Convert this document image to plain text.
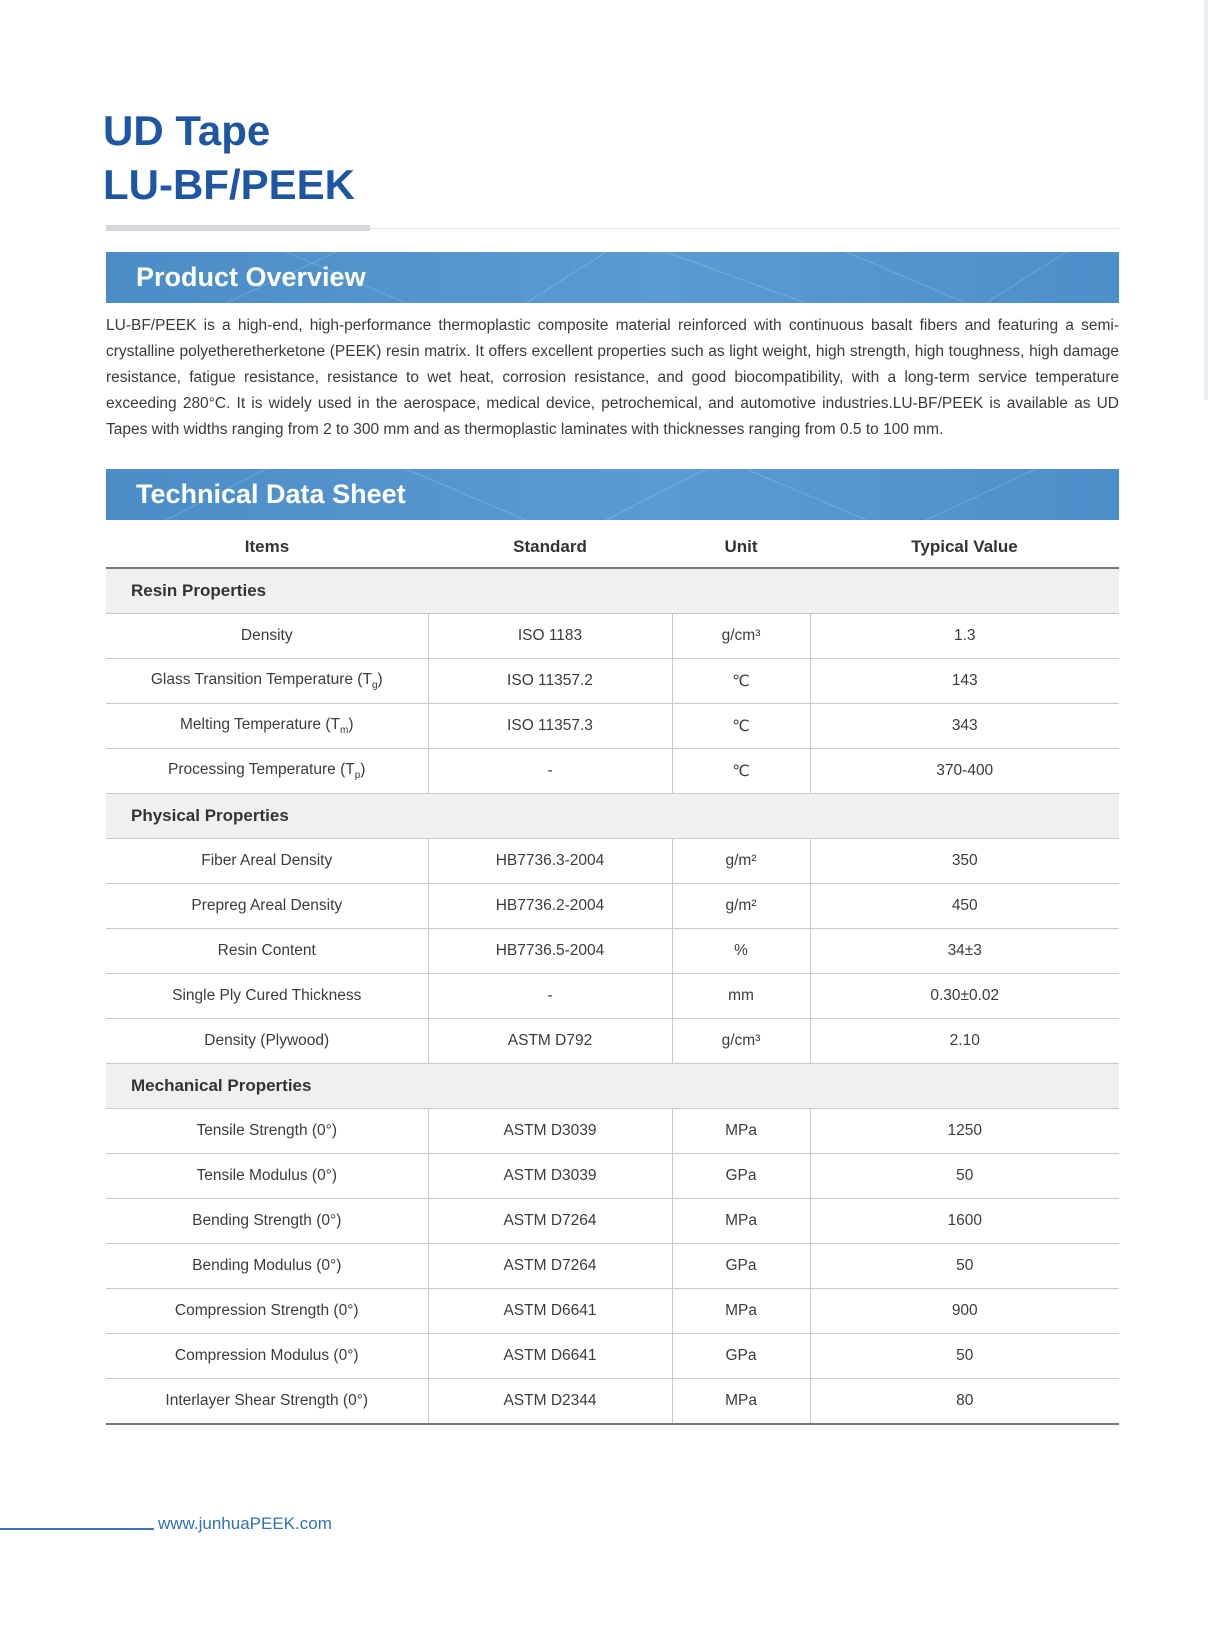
UD Tape
LU-BF/PEEK
Product Overview
LU-BF/PEEK is a high-end, high-performance thermoplastic composite material reinforced with continuous basalt fibers and featuring a semi-crystalline polyetheretherketone (PEEK) resin matrix. It offers excellent properties such as light weight, high strength, high toughness, high damage resistance, fatigue resistance, resistance to wet heat, corrosion resistance, and good biocompatibility, with a long-term service temperature exceeding 280°C. It is widely used in the aerospace, medical device, petrochemical, and automotive industries.LU-BF/PEEK is available as UD Tapes with widths ranging from 2 to 300 mm and as thermoplastic laminates with thicknesses ranging from 0.5 to 100 mm.
Technical Data Sheet
Items	Standard	Unit	Typical Value
Resin Properties			
Density	ISO 1183	g/cm³	1.3
Glass Transition Temperature $(T_g)$	ISO 11357.2	℃	143
Melting Temperature $(T_m)$	ISO 11357.3	℃	343
Processing Temperature $(T_p)$	-	℃	370-400
Physical Properties			
Fiber Areal Density	HB7736.3-2004	g/m²	350
Prepreg Areal Density	HB7736.2-2004	g/m²	450
Resin Content	HB7736.5-2004	%	34±3
Single Ply Cured Thickness	-	mm	0.30±0.02
Density (Plywood)	ASTM D792	g/cm³	2.10
Mechanical Properties			
Tensile Strength (0°)	ASTM D3039	MPa	1250
Tensile Modulus (0°)	ASTM D3039	GPa	50
Bending Strength (0°)	ASTM D7264	MPa	1600
Bending Modulus (0°)	ASTM D7264	GPa	50
Compression Strength (0°)	ASTM D6641	MPa	900
Compression Modulus (0°)	ASTM D6641	GPa	50
Interlayer Shear Strength (0°)	ASTM D2344	MPa	80
www.junhuaPEEK.com
